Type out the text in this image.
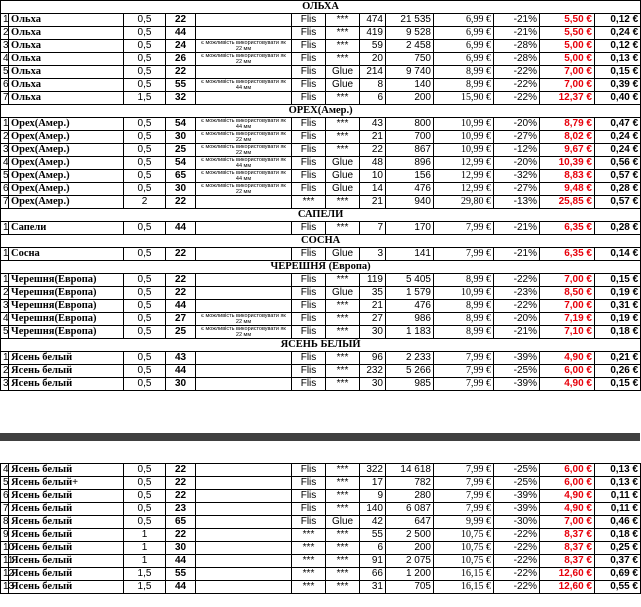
ОЛЬХА												
1	Ольха	0,5	22		Flis	***	474	21 535	6,99 €	-21%	5,50 €	0,12 €
2	Ольха	0,5	44		Flis	***	419	9 528	6,99 €	-21%	5,50 €	0,24 €
3	Ольха	0,5	24	є можливість використовувати як 22 мм	Flis	***	59	2 458	6,99 €	-28%	5,00 €	0,12 €
4	Ольха	0,5	26	є можливість використовувати як 22 мм	Flis	***	20	750	6,99 €	-28%	5,00 €	0,13 €
5	Ольха	0,5	22		Flis	Glue	214	9 740	8,99 €	-22%	7,00 €	0,15 €
6	Ольха	0,5	55	є можливість використовувати як 44 мм	Flis	Glue	8	140	8,99 €	-22%	7,00 €	0,39 €
7	Ольха	1,5	32		Flis	***	6	200	15,90 €	-22%	12,37 €	0,40 €
ОРЕХ(Амер.)												
1	Орех(Амер.)	0,5	54	є можливість використовувати як 44 мм	Flis	***	43	800	10,99 €	-20%	8,79 €	0,47 €
2	Орех(Амер.)	0,5	30	є можливість використовувати як 22 мм	Flis	***	21	700	10,99 €	-27%	8,02 €	0,24 €
3	Орех(Амер.)	0,5	25	є можливість використовувати як 22 мм	Flis	***	22	867	10,99 €	-12%	9,67 €	0,24 €
4	Орех(Амер.)	0,5	54	є можливість використовувати як 44 мм	Flis	Glue	48	896	12,99 €	-20%	10,39 €	0,56 €
5	Орех(Амер.)	0,5	65	є можливість використовувати як 44 мм	Flis	Glue	10	156	12,99 €	-32%	8,83 €	0,57 €
6	Орех(Амер.)	0,5	30	є можливість використовувати як 22 мм	Flis	Glue	14	476	12,99 €	-27%	9,48 €	0,28 €
7	Орех(Амер.)	2	22		***	***	21	940	29,80 €	-13%	25,85 €	0,57 €
САПЕЛИ												
1	Сапели	0,5	44		Flis	***	7	170	7,99 €	-21%	6,35 €	0,28 €
СОСНА												
1	Сосна	0,5	22		Flis	Glue	3	141	7,99 €	-21%	6,35 €	0,14 €
ЧЕРЕШНЯ (Европа)												
1	Черешня(Европа)	0,5	22		Flis	***	119	5 405	8,99 €	-22%	7,00 €	0,15 €
2	Черешня(Европа)	0,5	22		Flis	Glue	35	1 579	10,99 €	-23%	8,50 €	0,19 €
3	Черешня(Европа)	0,5	44		Flis	***	21	476	8,99 €	-22%	7,00 €	0,31 €
4	Черешня(Европа)	0,5	27	є можливість використовувати як 22 мм	Flis	***	27	986	8,99 €	-20%	7,19 €	0,19 €
5	Черешня(Европа)	0,5	25	є можливість використовувати як 22 мм	Flis	***	30	1 183	8,99 €	-21%	7,10 €	0,18 €
ЯСЕНЬ БЕЛЫЙ												
1	Ясень белый	0,5	43		Flis	***	96	2 233	7,99 €	-39%	4,90 €	0,21 €
2	Ясень белый	0,5	44		Flis	***	232	5 266	7,99 €	-25%	6,00 €	0,26 €
3	Ясень белый	0,5	30		Flis	***	30	985	7,99 €	-39%	4,90 €	0,15 €
4	Ясень белый	0,5	22		Flis	***	322	14 618	7,99 €	-25%	6,00 €	0,13 €
5	Ясень белый+	0,5	22		Flis	***	17	782	7,99 €	-25%	6,00 €	0,13 €
6	Ясень белый	0,5	22		Flis	***	9	280	7,99 €	-39%	4,90 €	0,11 €
7	Ясень белый	0,5	23		Flis	***	140	6 087	7,99 €	-39%	4,90 €	0,11 €
8	Ясень белый	0,5	65		Flis	Glue	42	647	9,99 €	-30%	7,00 €	0,46 €
9	Ясень белый	1	22		***	***	55	2 500	10,75 €	-22%	8,37 €	0,18 €
10	Ясень белый	1	30		***	***	6	200	10,75 €	-22%	8,37 €	0,25 €
11	Ясень белый	1	44		***	***	91	2 075	10,75 €	-22%	8,37 €	0,37 €
12	Ясень белый	1,5	55		***	***	66	1 200	16,15 €	-22%	12,60 €	0,69 €
13	Ясень белый	1,5	44		***	***	31	705	16,15 €	-22%	12,60 €	0,55 €
